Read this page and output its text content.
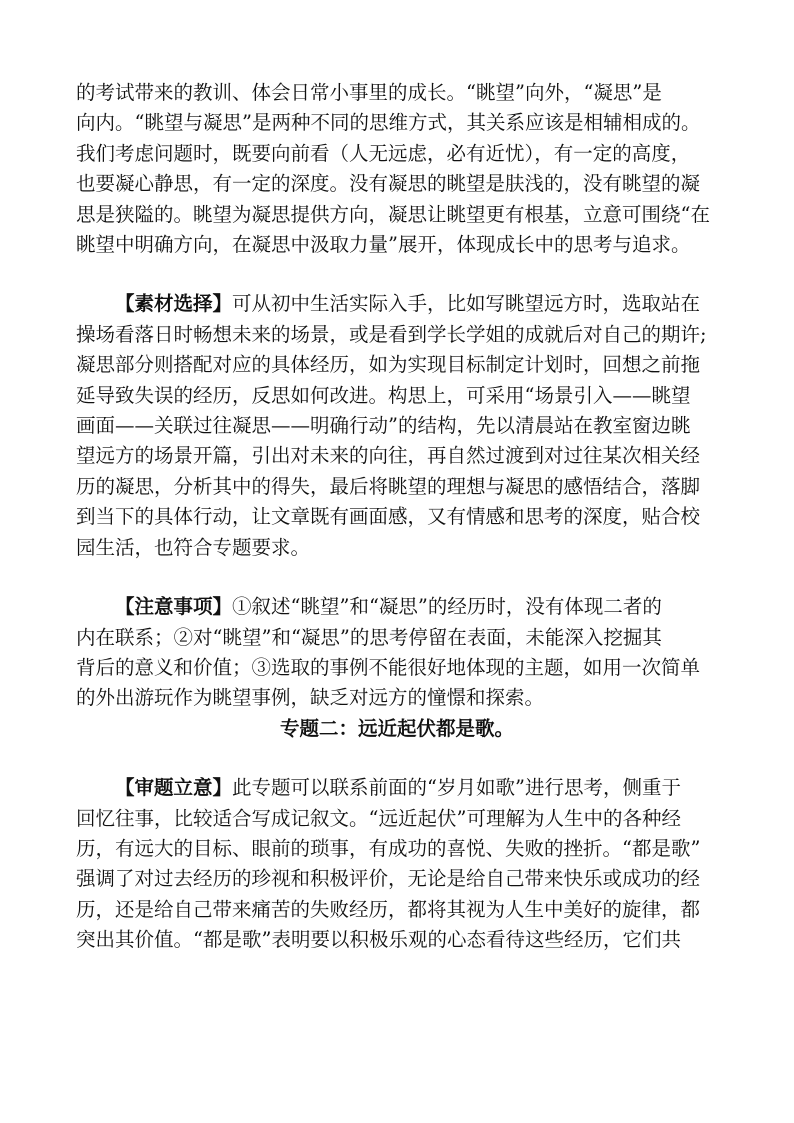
的考试带来的教训、体会日常小事里的成长。“眺望”向外，“凝思”是
向内。“眺望与凝思”是两种不同的思维方式，其关系应该是相辅相成的。
我们考虑问题时，既要向前看（人无远虑，必有近忧），有一定的高度，
也要凝心静思，有一定的深度。没有凝思的眺望是肤浅的，没有眺望的凝
思是狭隘的。眺望为凝思提供方向，凝思让眺望更有根基，立意可围绕“在
眺望中明确方向，在凝思中汲取力量”展开，体现成长中的思考与追求。
【素材选择】可从初中生活实际入手，比如写眺望远方时，选取站在
操场看落日时畅想未来的场景，或是看到学长学姐的成就后对自己的期许;
凝思部分则搭配对应的具体经历，如为实现目标制定计划时，回想之前拖
延导致失误的经历，反思如何改进。构思上，可采用“场景引入——眺望
画面——关联过往凝思——明确行动”的结构，先以清晨站在教室窗边眺
望远方的场景开篇，引出对未来的向往，再自然过渡到对过往某次相关经
历的凝思，分析其中的得失，最后将眺望的理想与凝思的感悟结合，落脚
到当下的具体行动，让文章既有画面感，又有情感和思考的深度，贴合校
园生活，也符合专题要求。
【注意事项】①叙述“眺望”和“凝思”的经历时，没有体现二者的
内在联系；②对“眺望”和“凝思”的思考停留在表面，未能深入挖掘其
背后的意义和价值；③选取的事例不能很好地体现的主题，如用一次简单
的外出游玩作为眺望事例，缺乏对远方的憧憬和探索。
专题二：远近起伏都是歌。
【审题立意】此专题可以联系前面的“岁月如歌”进行思考，侧重于
回忆往事，比较适合写成记叙文。“远近起伏”可理解为人生中的各种经
历，有远大的目标、眼前的琐事，有成功的喜悦、失败的挫折。“都是歌”
强调了对过去经历的珍视和积极评价，无论是给自己带来快乐或成功的经
历，还是给自己带来痛苦的失败经历，都将其视为人生中美好的旋律，都
突出其价值。“都是歌”表明要以积极乐观的心态看待这些经历，它们共
